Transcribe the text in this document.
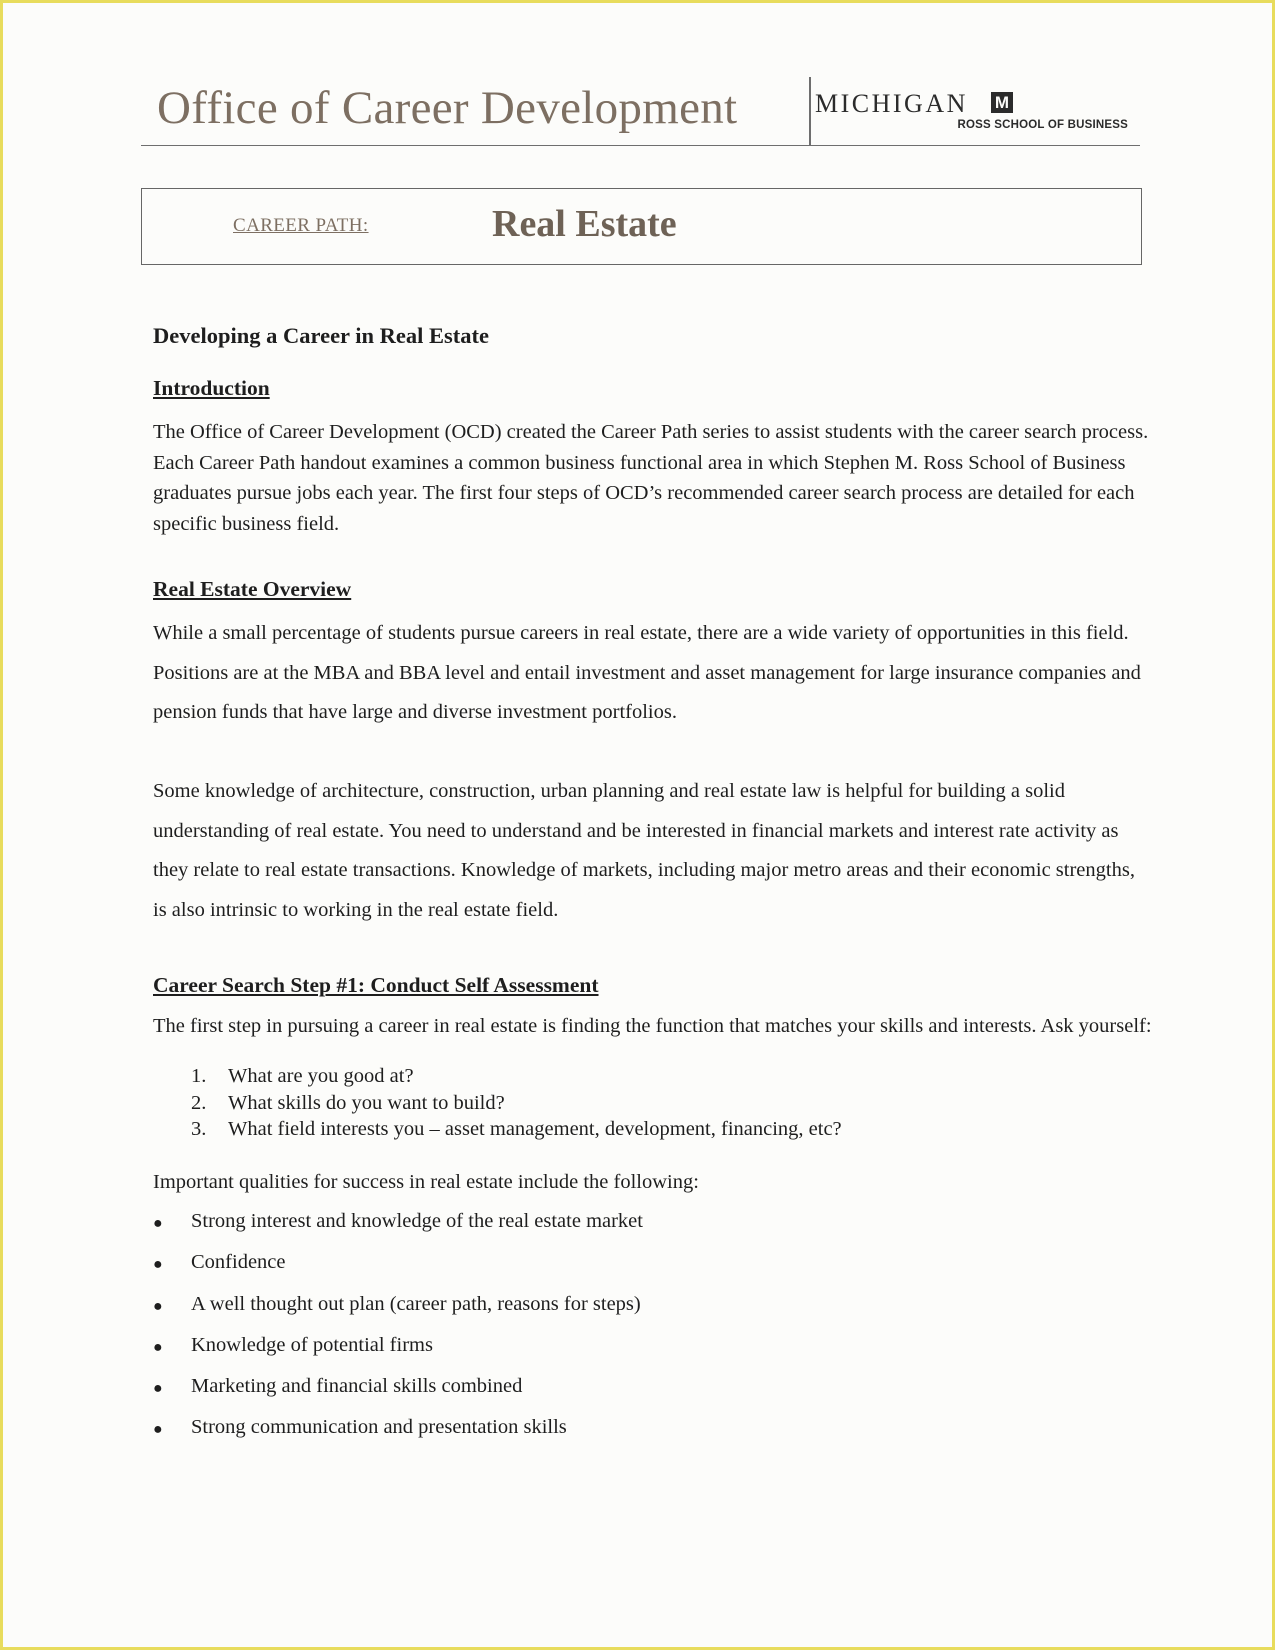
Office of Career Development	MICHIGAN M
ROSS SCHOOL OF BUSINESS
CAREER PATH:	Real Estate
Developing a Career in Real Estate
Introduction

The Office of Career Development (OCD) created the Career Path series to assist students with the career search process. Each Career Path handout examines a common business functional area in which Stephen M. Ross School of Business graduates pursue jobs each year. The first four steps of OCD’s recommended career search process are detailed for each specific business field.

Real Estate Overview

While a small percentage of students pursue careers in real estate, there are a wide variety of opportunities in this field. Positions are at the MBA and BBA level and entail investment and asset management for large insurance companies and pension funds that have large and diverse investment portfolios.

Some knowledge of architecture, construction, urban planning and real estate law is helpful for building a solid understanding of real estate. You need to understand and be interested in financial markets and interest rate activity as they relate to real estate transactions. Knowledge of markets, including major metro areas and their economic strengths, is also intrinsic to working in the real estate field.

Career Search Step #1: Conduct Self Assessment

The first step in pursuing a career in real estate is finding the function that matches your skills and interests. Ask yourself:

1. What are you good at?
2. What skills do you want to build?
3. What field interests you – asset management, development, financing, etc?

Important qualities for success in real estate include the following:

● Strong interest and knowledge of the real estate market
● Confidence
● A well thought out plan (career path, reasons for steps)
● Knowledge of potential firms
● Marketing and financial skills combined
● Strong communication and presentation skills
